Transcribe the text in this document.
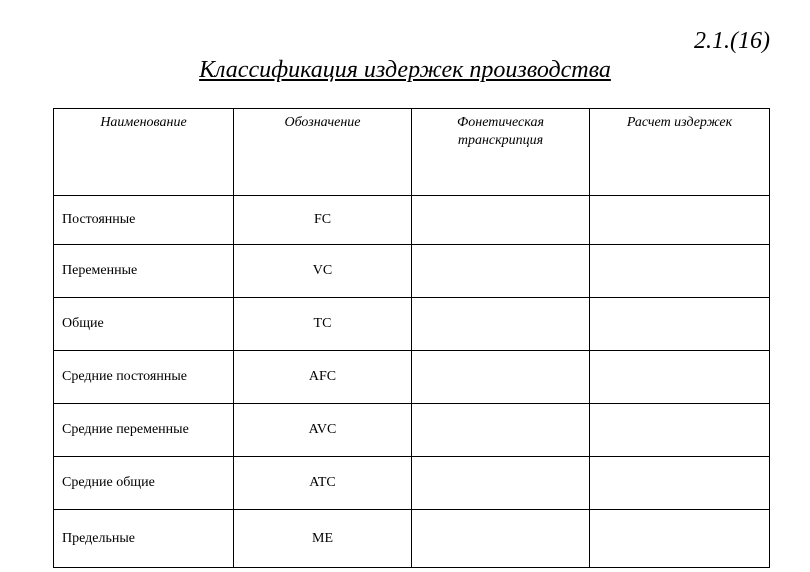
2.1.(16)
Классификация издержек производства
Наименование	Обозначение	Фонетическая транскрипция	Расчет издержек
Постоянные	FC		
Переменные	VC		
Общие	TC		
Средние постоянные	AFC		
Средние переменные	AVC		
Средние общие	ATC		
Предельные	ME		
